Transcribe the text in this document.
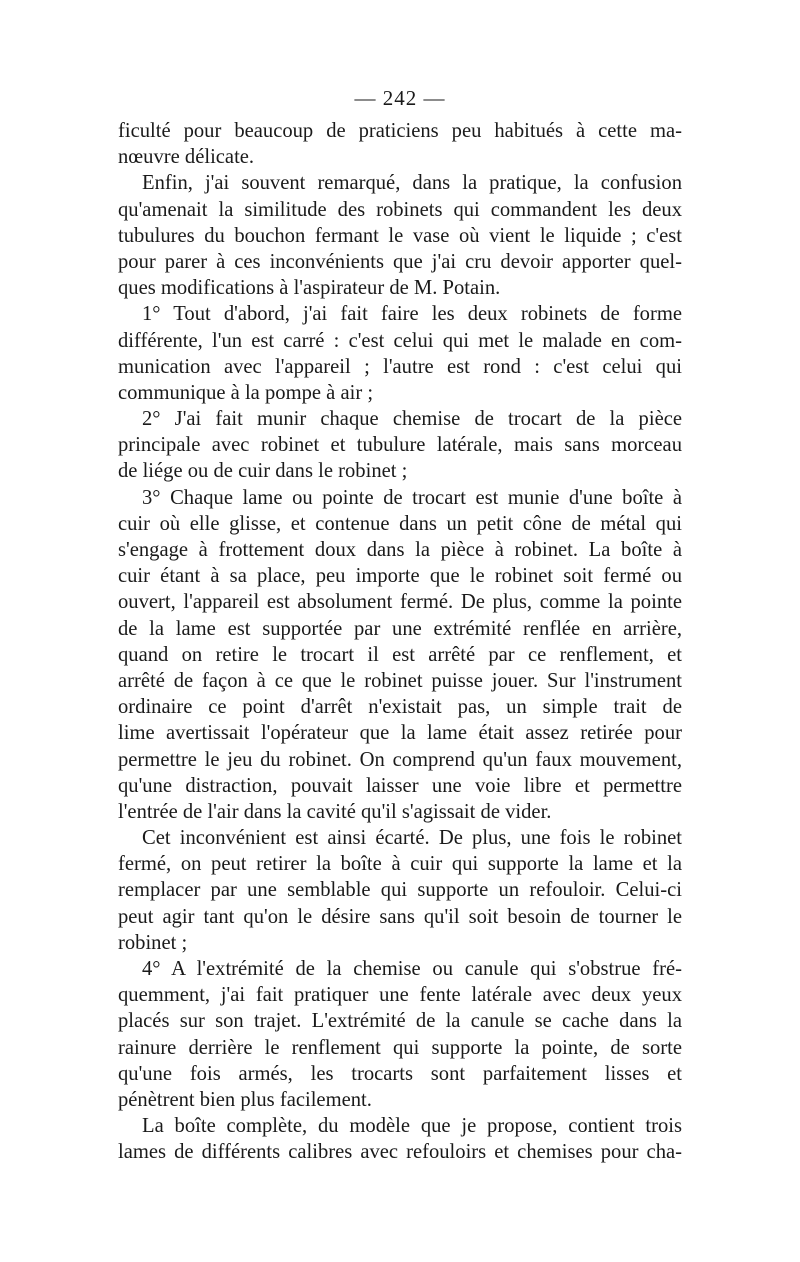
— 242 —
ficulté pour beaucoup de praticiens peu habitués à cette ma-
nœuvre délicate.
Enfin, j'ai souvent remarqué, dans la pratique, la confusion
qu'amenait la similitude des robinets qui commandent les deux
tubulures du bouchon fermant le vase où vient le liquide ; c'est
pour parer à ces inconvénients que j'ai cru devoir apporter quel-
ques modifications à l'aspirateur de M. Potain.
1° Tout d'abord, j'ai fait faire les deux robinets de forme
différente, l'un est carré : c'est celui qui met le malade en com-
munication avec l'appareil ; l'autre est rond : c'est celui qui
communique à la pompe à air ;
2° J'ai fait munir chaque chemise de trocart de la pièce
principale avec robinet et tubulure latérale, mais sans morceau
de liége ou de cuir dans le robinet ;
3° Chaque lame ou pointe de trocart est munie d'une boîte à
cuir où elle glisse, et contenue dans un petit cône de métal qui
s'engage à frottement doux dans la pièce à robinet. La boîte à
cuir étant à sa place, peu importe que le robinet soit fermé ou
ouvert, l'appareil est absolument fermé. De plus, comme la pointe
de la lame est supportée par une extrémité renflée en arrière,
quand on retire le trocart il est arrêté par ce renflement, et
arrêté de façon à ce que le robinet puisse jouer. Sur l'instrument
ordinaire ce point d'arrêt n'existait pas, un simple trait de
lime avertissait l'opérateur que la lame était assez retirée pour
permettre le jeu du robinet. On comprend qu'un faux mouvement,
qu'une distraction, pouvait laisser une voie libre et permettre
l'entrée de l'air dans la cavité qu'il s'agissait de vider.
Cet inconvénient est ainsi écarté. De plus, une fois le robinet
fermé, on peut retirer la boîte à cuir qui supporte la lame et la
remplacer par une semblable qui supporte un refouloir. Celui-ci
peut agir tant qu'on le désire sans qu'il soit besoin de tourner le
robinet ;
4° A l'extrémité de la chemise ou canule qui s'obstrue fré-
quemment, j'ai fait pratiquer une fente latérale avec deux yeux
placés sur son trajet. L'extrémité de la canule se cache dans la
rainure derrière le renflement qui supporte la pointe, de sorte
qu'une fois armés, les trocarts sont parfaitement lisses et
pénètrent bien plus facilement.
La boîte complète, du modèle que je propose, contient trois
lames de différents calibres avec refouloirs et chemises pour cha-
